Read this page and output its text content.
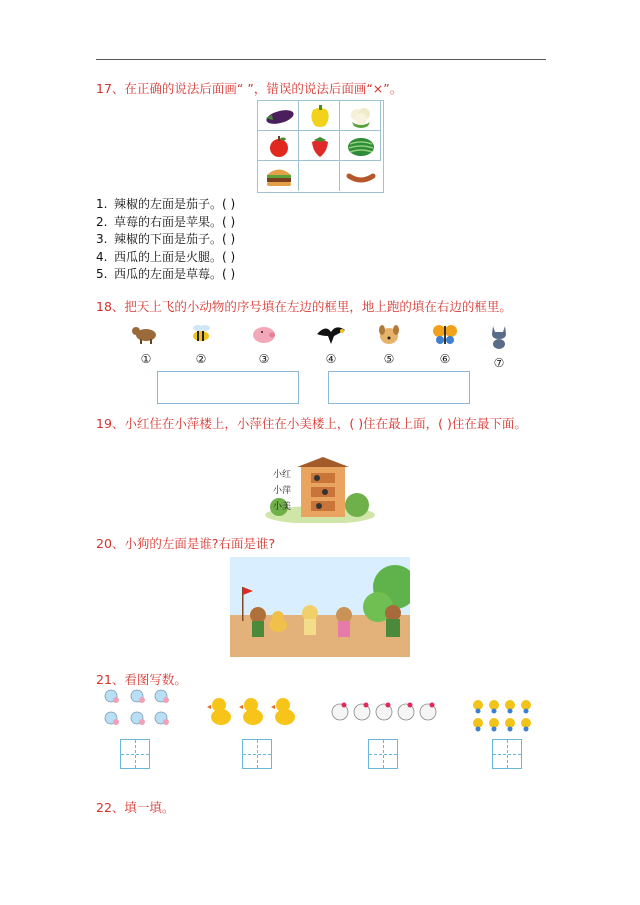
17、在正确的说法后面画“ ”，错误的说法后面画“×”。
1. 辣椒的左面是茄子。( )
2. 草莓的右面是苹果。( )
3. 辣椒的下面是茄子。( )
4. 西瓜的上面是火腿。( )
5. 西瓜的左面是草莓。( )
18、把天上飞的小动物的序号填在左边的框里，地上跑的填在右边的框里。
①	②	③	④	⑤	⑥	⑦
19、小红住在小萍楼上，小萍住在小美楼上，( )住在最上面，( )住在最下面。
小红
小萍
小美
20、小狗的左面是谁?右面是谁?
21、看图写数。
22、填一填。
